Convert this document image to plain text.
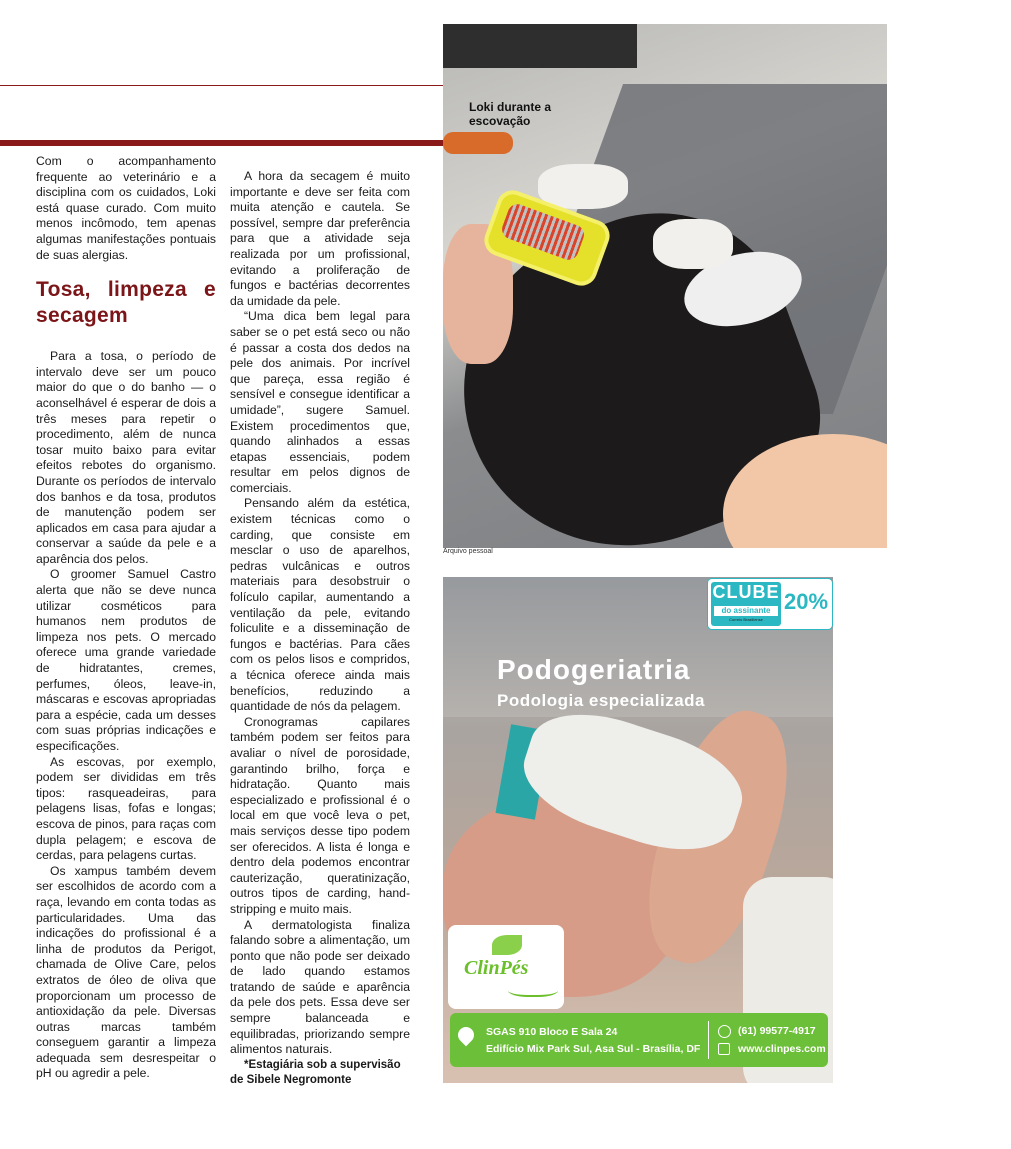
Com o acompanhamento frequente ao veterinário e a disciplina com os cuidados, Loki está quase curado. Com muito menos incômodo, tem apenas algumas manifestações pontuais de suas alergias.

Tosa, limpeza e secagem

Para a tosa, o período de intervalo deve ser um pouco maior do que o do banho — o aconselhável é esperar de dois a três meses para repetir o procedimento, além de nunca tosar muito baixo para evitar efeitos rebotes do organismo. Durante os períodos de intervalo dos banhos e da tosa, produtos de manutenção podem ser aplicados em casa para ajudar a conservar a saúde da pele e a aparência dos pelos.

O groomer Samuel Castro alerta que não se deve nunca utilizar cosméticos para humanos nem produtos de limpeza nos pets. O mercado oferece uma grande variedade de hidratantes, cremes, perfumes, óleos, leave-in, máscaras e escovas apropriadas para a espécie, cada um desses com suas próprias indicações e especificações.

As escovas, por exemplo, podem ser divididas em três tipos: rasqueadeiras, para pelagens lisas, fofas e longas; escova de pinos, para raças com dupla pelagem; e escova de cerdas, para pelagens curtas.

Os xampus também devem ser escolhidos de acordo com a raça, levando em conta todas as particularidades. Uma das indicações do profissional é a linha de produtos da Perigot, chamada de Olive Care, pelos extratos de óleo de oliva que proporcionam um processo de antioxidação da pele. Diversas outras marcas também conseguem garantir a limpeza adequada sem desrespeitar o pH ou agredir a pele.

A hora da secagem é muito importante e deve ser feita com muita atenção e cautela. Se possível, sempre dar preferência para que a atividade seja realizada por um profissional, evitando a proliferação de fungos e bactérias decorrentes da umidade da pele.

“Uma dica bem legal para saber se o pet está seco ou não é passar a costa dos dedos na pele dos animais. Por incrível que pareça, essa região é sensível e consegue identificar a umidade”, sugere Samuel. Existem procedimentos que, quando alinhados a essas etapas essenciais, podem resultar em pelos dignos de comerciais.

Pensando além da estética, existem técnicas como o carding, que consiste em mesclar o uso de aparelhos, pedras vulcânicas e outros materiais para desobstruir o folículo capilar, aumentando a ventilação da pele, evitando foliculite e a disseminação de fungos e bactérias. Para cães com os pelos lisos e compridos, a técnica oferece ainda mais benefícios, reduzindo a quantidade de nós da pelagem.

Cronogramas capilares também podem ser feitos para avaliar o nível de porosidade, garantindo brilho, força e hidratação. Quanto mais especializado e profissional é o local em que você leva o pet, mais serviços desse tipo podem ser oferecidos. A lista é longa e dentro dela podemos encontrar cauterização, queratinização, outros tipos de carding, hand-stripping e muito mais.

A dermatologista finaliza falando sobre a alimentação, um ponto que não pode ser deixado de lado quando estamos tratando de saúde e aparência da pele dos pets. Essa deve ser sempre balanceada e equilibradas, priorizando sempre alimentos naturais.

*Estagiária sob a supervisão de Sibele Negromonte

Loki durante a escovação
Arquivo pessoal
CLUBE
do assinante
Correio Braziliense
20%
Podogeriatria
Podologia especializada
ClinPés
SGAS 910 Bloco E Sala 24
Edifício Mix Park Sul, Asa Sul - Brasília, DF
(61) 99577-4917
www.clinpes.com
